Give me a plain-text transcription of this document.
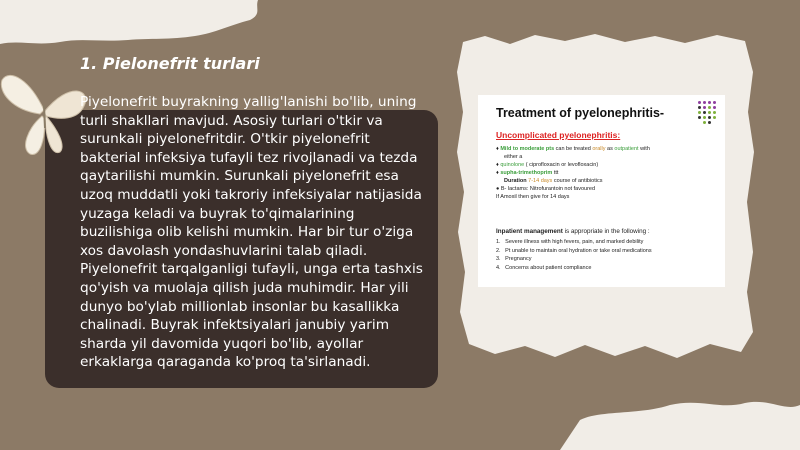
1. Pielonefrit turlari

Piyelonefrit buyrakning yallig'lanishi bo'lib, uning turli shakllari mavjud. Asosiy turlari o'tkir va surunkali piyelonefritdir. O'tkir piyelonefrit bakterial infeksiya tufayli tez rivojlanadi va tezda qaytarilishi mumkin. Surunkali piyelonefrit esa uzoq muddatli yoki takroriy infeksiyalar natijasida yuzaga keladi va buyrak to'qimalarining buzilishiga olib kelishi mumkin. Har bir tur o'ziga xos davolash yondashuvlarini talab qiladi. Piyelonefrit tarqalganligi tufayli, unga erta tashxis qo'yish va muolaja qilish juda muhimdir. Har yili dunyo bo'ylab millionlab insonlar bu kasallikka chalinadi. Buyrak infektsiyalari janubiy yarim sharda yil davomida yuqori bo'lib, ayollar erkaklarga qaraganda ko'proq ta'sirlanadi.

Treatment of pyelonephritis-
Uncomplicated pyelonephritis:
♦ Mild to moderate pts can be treated orally as outpatient with
either a
♦ quinolone ( ciprofloxacin or levofloxacin)
♦ supha-trimethoprim ttt
Duration 7-14 days course of antibiotics
● B- lactams: Nitrofurantoin not favoured
If Amoxil then give for 14 days
Inpatient management is appropriate in the following :
1.   Severe illness with high fevers, pain, and marked debility
2.   Pt unable to maintain oral hydration or take oral medications
3.   Pregnancy
4.   Concerns about patient compliance
